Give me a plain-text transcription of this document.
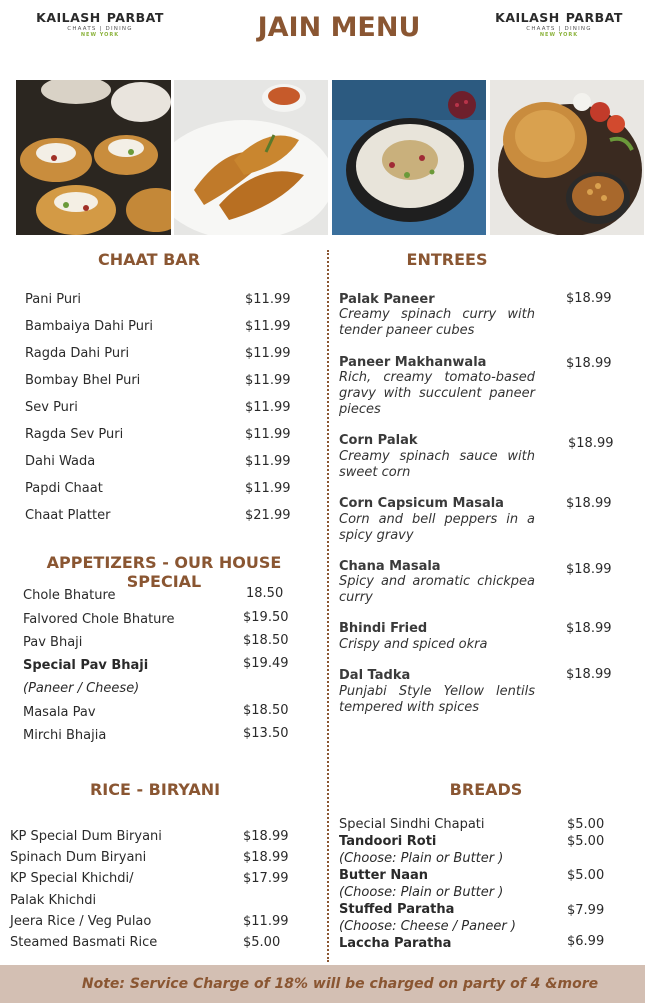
KAILASH PARBAT
CHAATS | DINING
NEW YORK	JAIN MENU	KAILASH PARBAT
CHAATS | DINING
NEW YORK
CHAAT BAR
Pani Puri	$11.99
Bambaiya Dahi Puri	$11.99
Ragda Dahi Puri	$11.99
Bombay Bhel Puri	$11.99
Sev Puri	$11.99
Ragda Sev Puri	$11.99
Dahi Wada	$11.99
Papdi Chaat	$11.99
Chaat Platter	$21.99
APPETIZERS - OUR HOUSE SPECIAL
Chole Bhature	18.50
Falvored Chole Bhature	$19.50
Pav Bhaji	$18.50
Special Pav Bhaji	$19.49
(Paneer / Cheese)
Masala Pav	$18.50
Mirchi Bhajia	$13.50
RICE - BIRYANI
KP Special Dum Biryani	$18.99
Spinach Dum Biryani	$18.99
KP Special Khichdi/	$17.99
Palak Khichdi
Jeera Rice / Veg Pulao	$11.99
Steamed Basmati Rice	$5.00
ENTREES
Palak Paneer	$18.99
Creamy spinach curry with tender paneer cubes
Paneer Makhanwala	$18.99
Rich, creamy tomato-based gravy with succulent paneer pieces
Corn Palak	$18.99
Creamy spinach sauce with sweet corn
Corn Capsicum Masala	$18.99
Corn and bell peppers in a spicy gravy
Chana Masala	$18.99
Spicy and aromatic chickpea curry
Bhindi Fried	$18.99
Crispy and spiced okra
Dal Tadka	$18.99
Punjabi Style Yellow lentils tempered with spices
BREADS
Special Sindhi Chapati	$5.00
Tandoori Roti	$5.00
(Choose: Plain or Butter )
Butter Naan	$5.00
(Choose: Plain or Butter )
Stuffed Paratha	$7.99
(Choose: Cheese / Paneer )
Laccha Paratha	$6.99
Note: Service Charge of 18% will be charged on party of 4 &more
